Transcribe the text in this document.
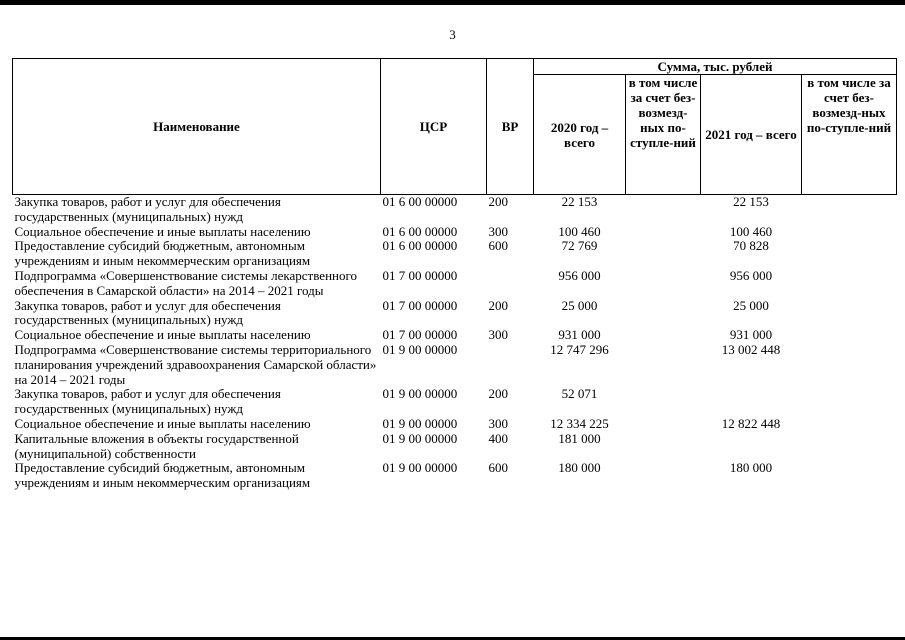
3
Наименование	ЦСР	ВР	Сумма, тыс. рублей			
			2020 год – всего	в том числе за счет без-возмезд-ных по-ступле-ний	2021 год – всего	в том числе за счет без-возмезд-ных по-ступле-ний
Закупка товаров, работ и услуг для обеспечения государственных (муниципальных) нужд	01 6 00 00000	200	22 153		22 153	
Социальное обеспечение и иные выплаты населению	01 6 00 00000	300	100 460		100 460	
Предоставление субсидий бюджетным, автономным учреждениям и иным некоммерческим организациям	01 6 00 00000	600	72 769		70 828	
Подпрограмма «Совершенствование системы лекарственного обеспечения в Самарской области» на 2014 – 2021 годы	01 7 00 00000		956 000		956 000	
Закупка товаров, работ и услуг для обеспечения государственных (муниципальных) нужд	01 7 00 00000	200	25 000		25 000	
Социальное обеспечение и иные выплаты населению	01 7 00 00000	300	931 000		931 000	
Подпрограмма «Совершенствование системы территориального планирования учреждений здравоохранения Самарской области» на 2014 – 2021 годы	01 9 00 00000		12 747 296		13 002 448	
Закупка товаров, работ и услуг для обеспечения государственных (муниципальных) нужд	01 9 00 00000	200	52 071			
Социальное обеспечение и иные выплаты населению	01 9 00 00000	300	12 334 225		12 822 448	
Капитальные вложения в объекты государственной (муниципальной) собственности	01 9 00 00000	400	181 000			
Предоставление субсидий бюджетным, автономным учреждениям и иным некоммерческим организациям	01 9 00 00000	600	180 000		180 000	
